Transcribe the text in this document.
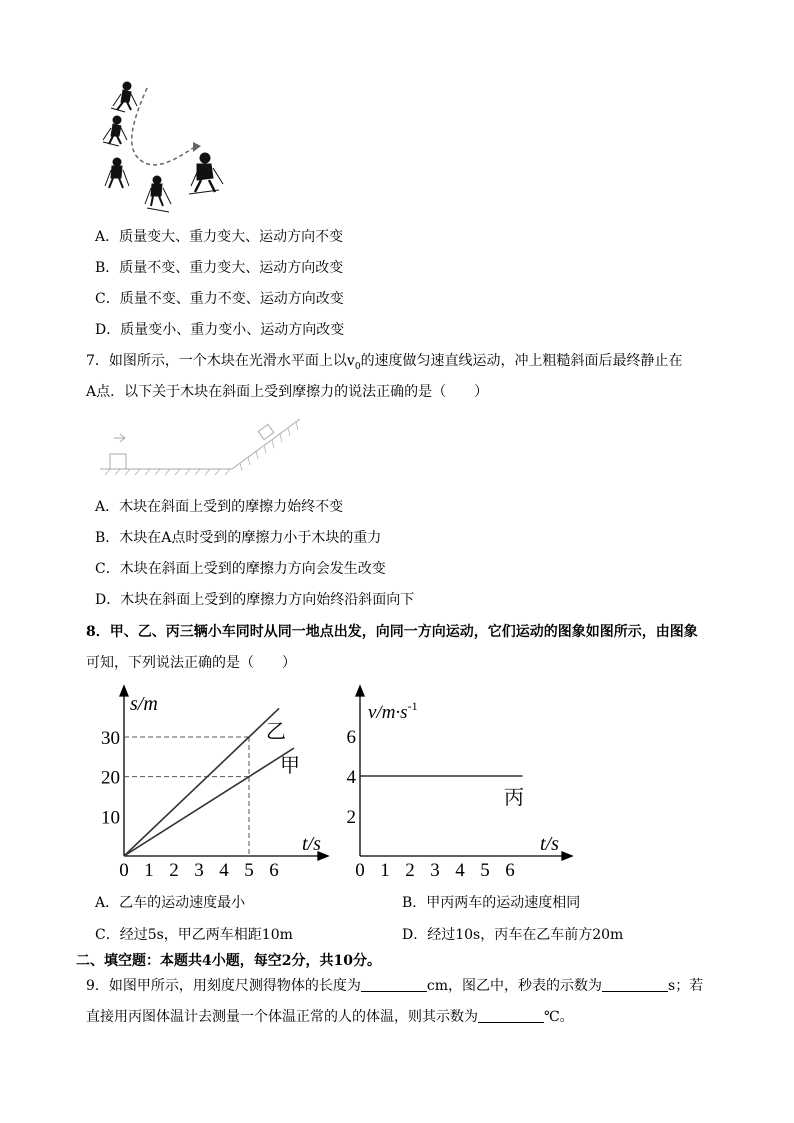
A．质量变大、重力变大、运动方向不变
B．质量不变、重力变大、运动方向改变
C．质量不变、重力不变、运动方向改变
D．质量变小、重力变小、运动方向改变
7．如图所示，一个木块在光滑水平面上以$v_0$的速度做匀速直线运动，冲上粗糙斜面后最终静止在
A点．以下关于木块在斜面上受到摩擦力的说法正确的是（　　）
A．木块在斜面上受到的摩擦力始终不变
B．木块在A点时受到的摩擦力小于木块的重力
C．木块在斜面上受到的摩擦力方向会发生改变
D．木块在斜面上受到的摩擦力方向始终沿斜面向下
8．甲、乙、丙三辆小车同时从同一地点出发，向同一方向运动，它们运动的图象如图所示，由图象
可知，下列说法正确的是（　　）
乙
甲
10
20
30
0 1 2 3 4 5 6
s/m
t/s
丙
2
4
6
0 1 2 3 4 5 6
$v/m\cdot s^{-1}$
t/s
A．乙车的运动速度最小	B．甲丙两车的运动速度相同
C．经过5s，甲乙两车相距10m	D．经过10s，丙车在乙车前方20m
二、填空题：本题共4小题，每空2分，共10分。
9．如图甲所示，用刻度尺测得物体的长度为	cm，图乙中，秒表的示数为	s；若
直接用丙图体温计去测量一个体温正常的人的体温，则其示数为	℃。
